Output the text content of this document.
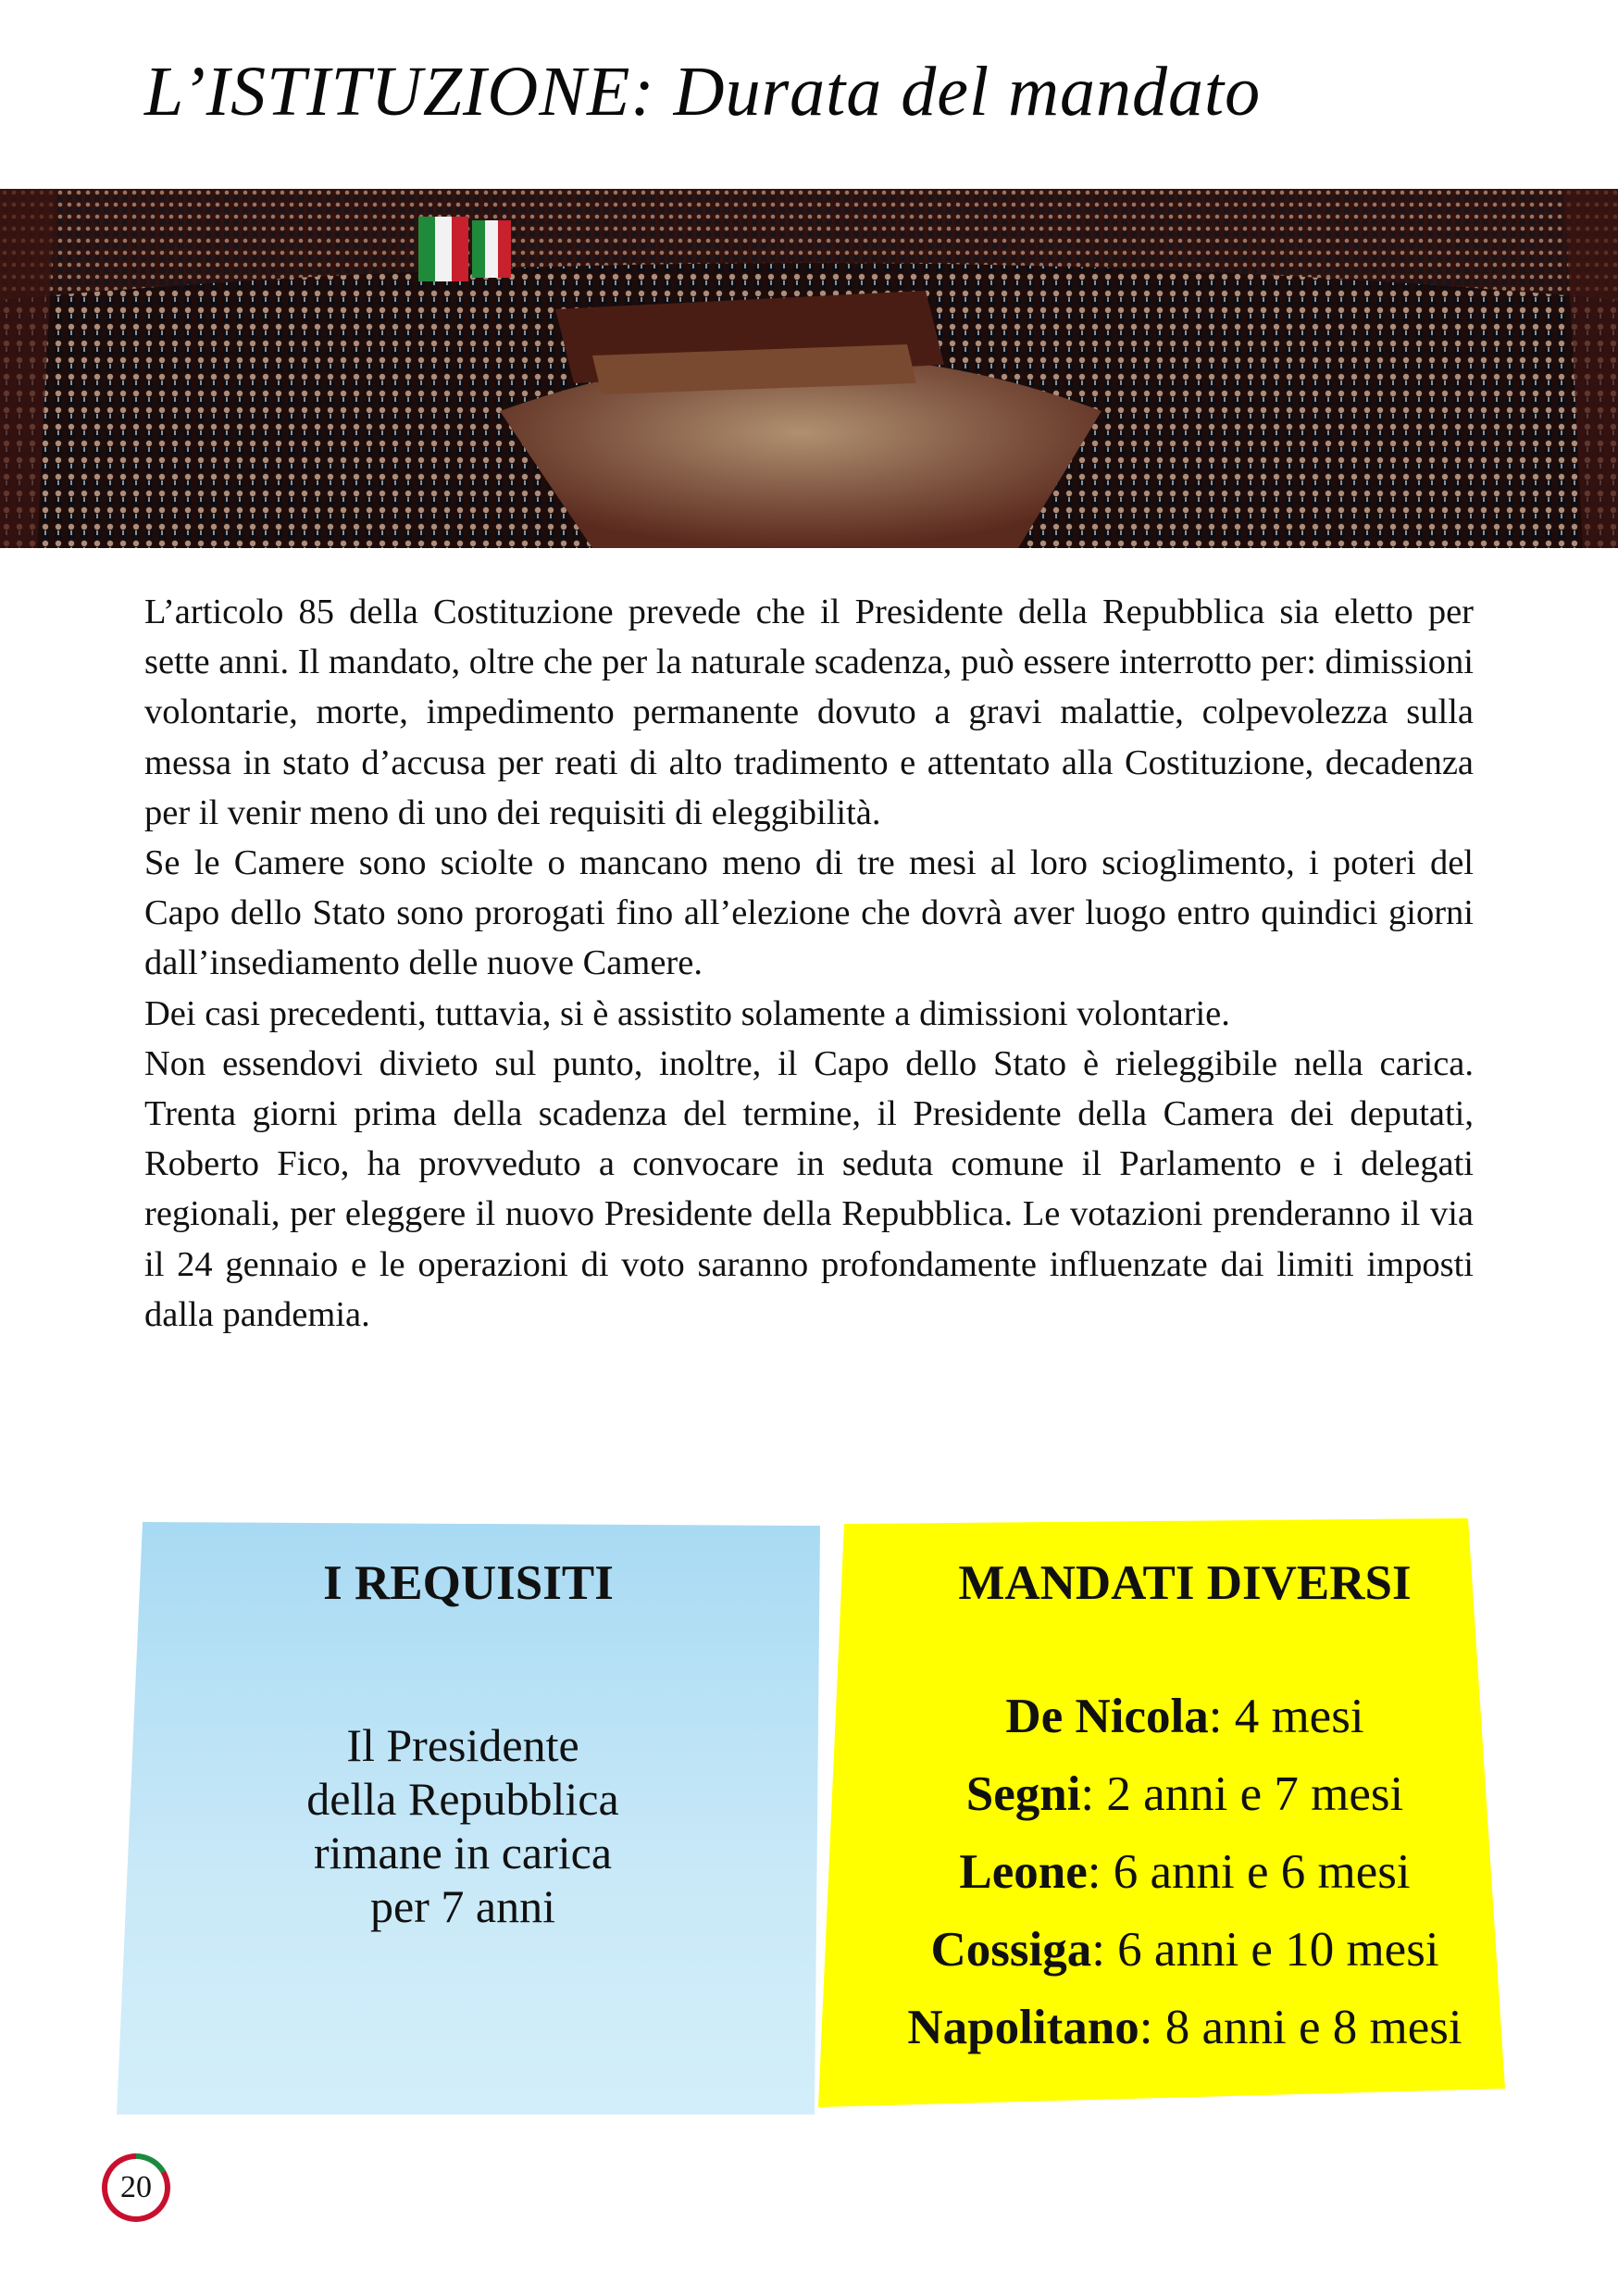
L’ISTITUZIONE: Durata del mandato

L’articolo 85 della Costituzione prevede che il Presidente della Repubblica sia eletto per sette anni. Il mandato, oltre che per la naturale scadenza, può essere interrotto per: dimissioni volontarie, morte, impedimento permanente dovuto a gravi malattie, colpevolezza sulla messa in stato d’accusa per reati di alto tradimento e attentato alla Costituzione, decadenza per il venir meno di uno dei requisiti di eleggibilità.

Se le Camere sono sciolte o mancano meno di tre mesi al loro scioglimento, i poteri del Capo dello Stato sono prorogati fino all’elezione che dovrà aver luogo entro quindici giorni dall’insediamento delle nuove Camere.

Dei casi precedenti, tuttavia, si è assistito solamente a dimissioni volontarie.

Non essendovi divieto sul punto, inoltre, il Capo dello Stato è rieleggibile nella carica. Trenta giorni prima della scadenza del termine, il Presidente della Camera dei deputati, Roberto Fico, ha provveduto a convocare in seduta comune il Parlamento e i delegati regionali, per eleggere il nuovo Presidente della Repubblica. Le votazioni prenderanno il via il 24 gennaio e le operazioni di voto saranno profondamente influenzate dai limiti imposti dalla pandemia.

I REQUISITI
Il Presidente
della Repubblica
rimane in carica
per 7 anni
MANDATI DIVERSI
De Nicola: 4 mesi
Segni: 2 anni e 7 mesi
Leone: 6 anni e 6 mesi
Cossiga: 6 anni e 10 mesi
Napolitano: 8 anni e 8 mesi
20
